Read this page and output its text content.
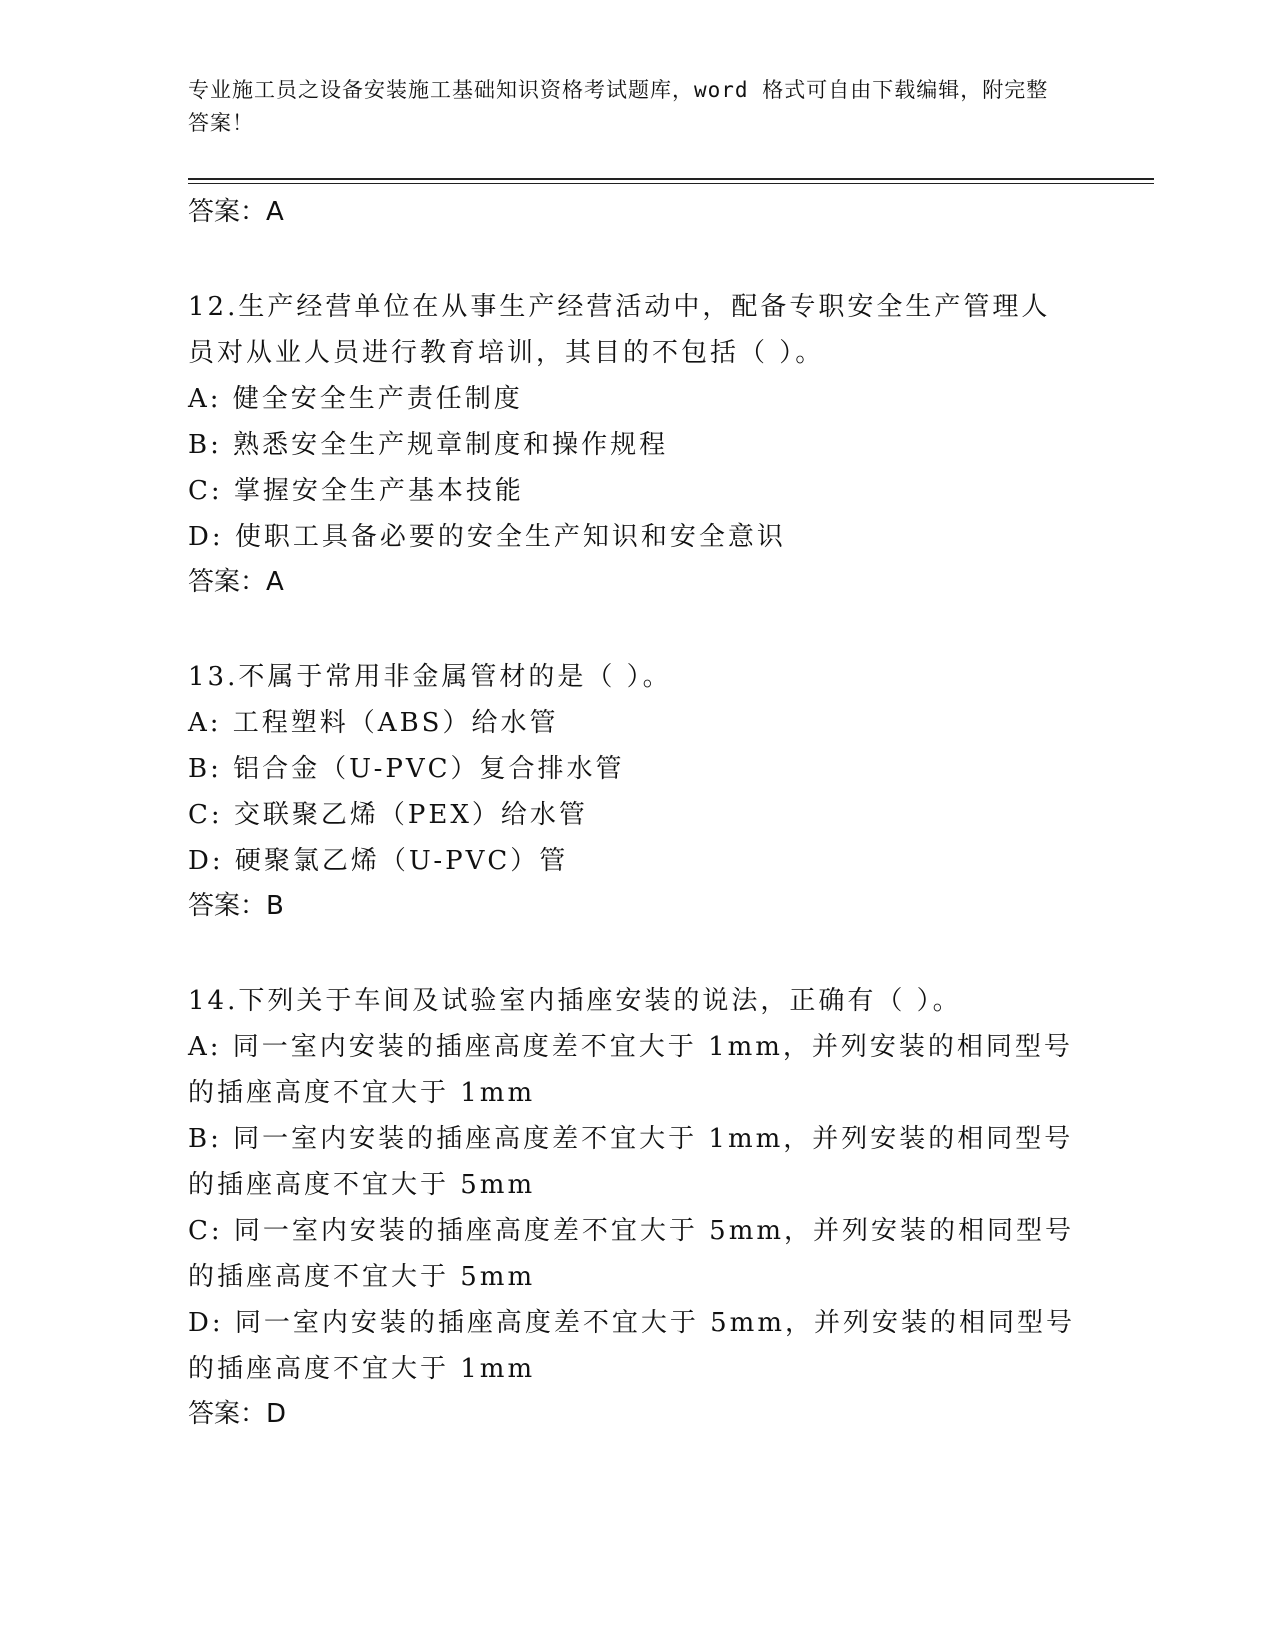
专业施工员之设备安装施工基础知识资格考试题库，word 格式可自由下载编辑，附完整答案！
答案：A
12.生产经营单位在从事生产经营活动中，配备专职安全生产管理人员对从业人员进行教育培训，其目的不包括（ ）。
A: 健全安全生产责任制度
B: 熟悉安全生产规章制度和操作规程
C: 掌握安全生产基本技能
D: 使职工具备必要的安全生产知识和安全意识
答案：A
13.不属于常用非金属管材的是（ ）。
A: 工程塑料（ABS）给水管
B: 铝合金（U-PVC）复合排水管
C: 交联聚乙烯（PEX）给水管
D: 硬聚氯乙烯（U-PVC）管
答案：B
14.下列关于车间及试验室内插座安装的说法，正确有（ ）。
A: 同一室内安装的插座高度差不宜大于 1mm，并列安装的相同型号的插座高度不宜大于 1mm
B: 同一室内安装的插座高度差不宜大于 1mm，并列安装的相同型号的插座高度不宜大于 5mm
C: 同一室内安装的插座高度差不宜大于 5mm，并列安装的相同型号的插座高度不宜大于 5mm
D: 同一室内安装的插座高度差不宜大于 5mm，并列安装的相同型号的插座高度不宜大于 1mm
答案：D
